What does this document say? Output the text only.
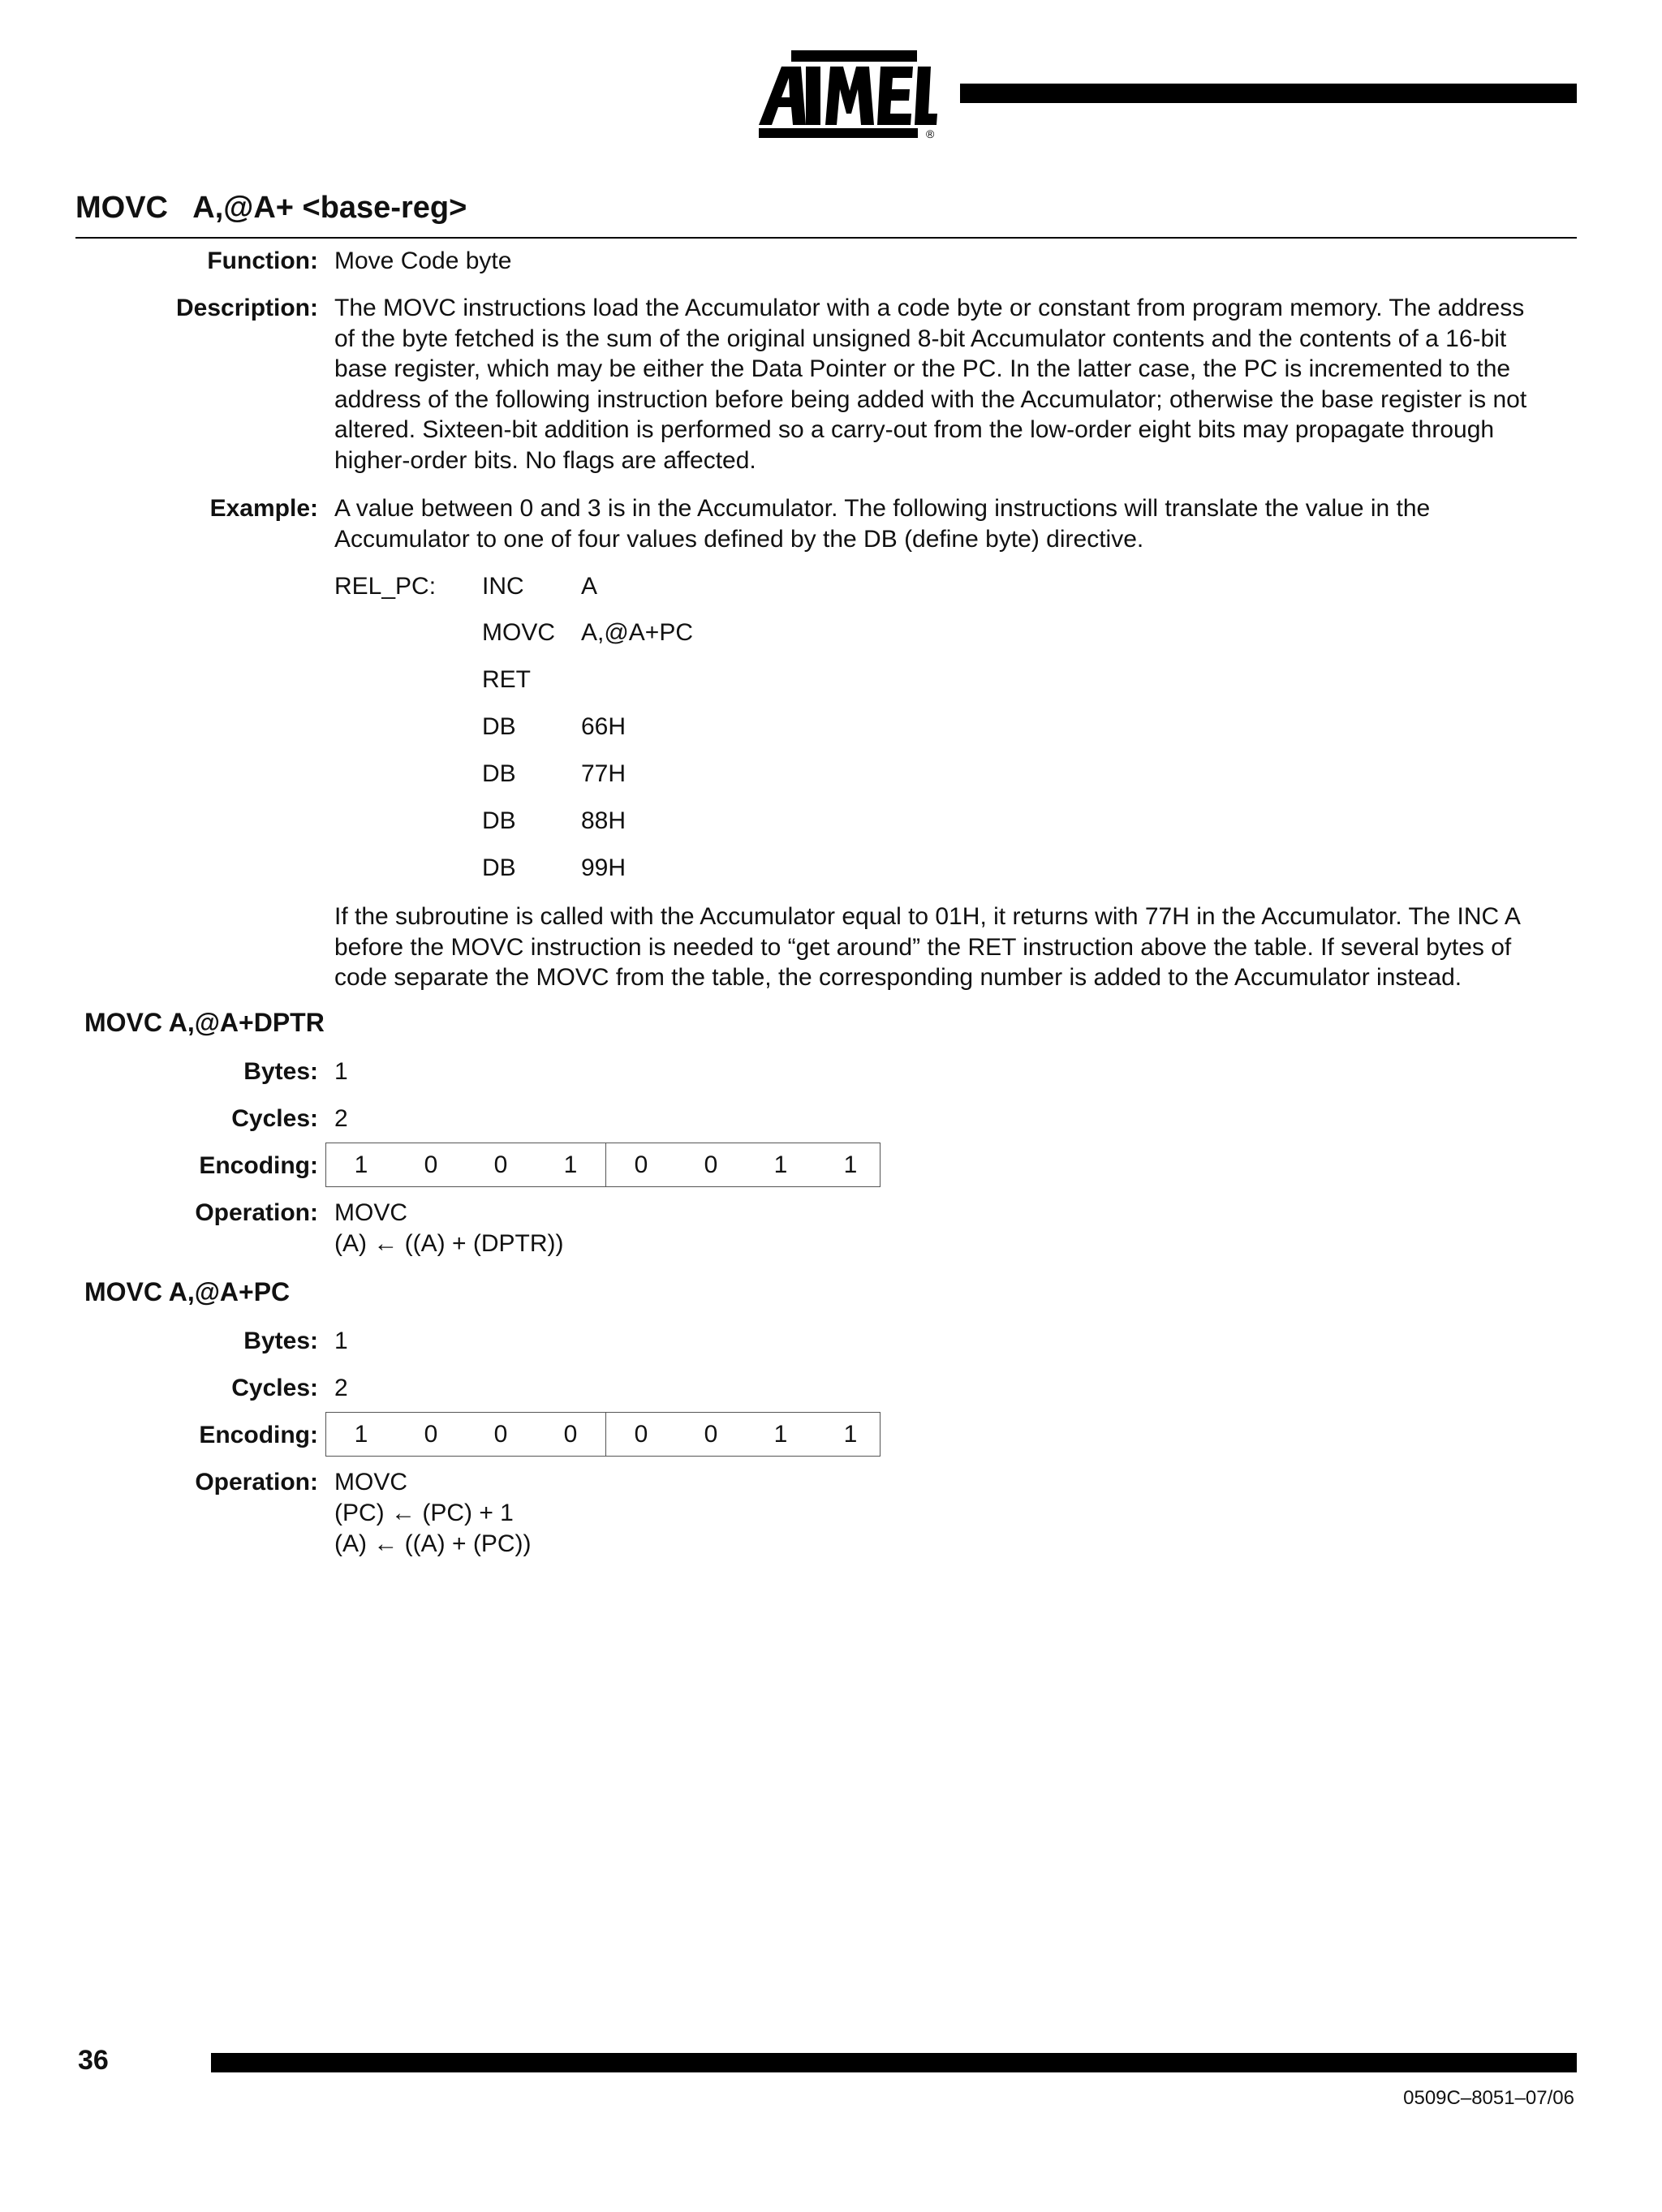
®
MOVC   A,@A+ <base-reg>
Function: Move Code byte
Description: The MOVC instructions load the Accumulator with a code byte or constant from program memory. The address
of the byte fetched is the sum of the original unsigned 8-bit Accumulator contents and the contents of a 16-bit
base register, which may be either the Data Pointer or the PC. In the latter case, the PC is incremented to the
address of the following instruction before being added with the Accumulator; otherwise the base register is not
altered. Sixteen-bit addition is performed so a carry-out from the low-order eight bits may propagate through
higher-order bits. No flags are affected.
Example: A value between 0 and 3 is in the Accumulator. The following instructions will translate the value in the
Accumulator to one of four values defined by the DB (define byte) directive.
REL_PC: INC A
MOVC A,@A+PC
RET
DB	66H
DB	77H
DB	88H
DB	99H
If the subroutine is called with the Accumulator equal to 01H, it returns with 77H in the Accumulator. The INC A
before the MOVC instruction is needed to “get around” the RET instruction above the table. If several bytes of
code separate the MOVC from the table, the corresponding number is added to the Accumulator instead.
MOVC A,@A+DPTR
Bytes: 1
Cycles: 2
Encoding:	1	0	0	1	0	0	1	1
Operation: MOVC
(A) ← ((A) + (DPTR))
MOVC A,@A+PC
Bytes: 1
Cycles: 2
Encoding:	1	0	0	0	0	0	1	1
Operation: MOVC
(PC) ← (PC) + 1
(A) ← ((A) + (PC))
36
0509C–8051–07/06
